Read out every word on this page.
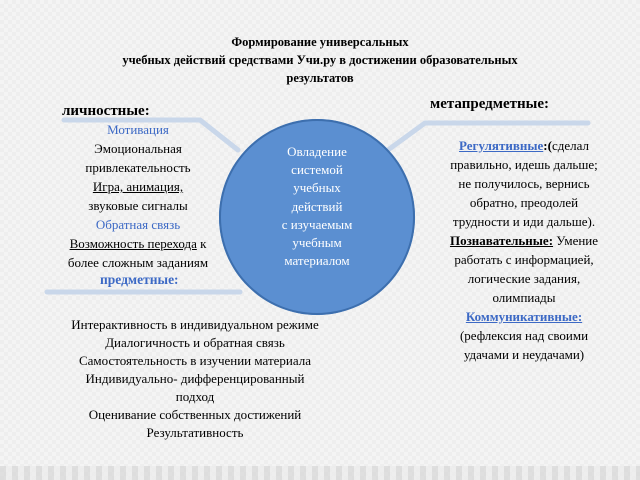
Формирование универсальных
учебных действий средствами Учи.ру в достижении образовательных
результатов
Овладение
системой
учебных
действий
с изучаемым
учебным
материалом
личностные:
Мотивация
Эмоциональная
привлекательность
Игра, анимация,
звуковые сигналы
Обратная связь
Возможность перехода к
более сложным заданиям
метапредметные:
Регулятивные:(сделал
правильно, идешь дальше;
не получилось, вернись
обратно, преодолей
трудности и иди дальше).
Познавательные: Умение
работать с информацией,
логические задания,
олимпиады
Коммуникативные:
(рефлексия над своими
удачами и неудачами)
предметные:
Интерактивность в индивидуальном режиме
Диалогичность и обратная связь
Самостоятельность в изучении материала
Индивидуально- дифференцированный
подход
Оценивание собственных достижений
Результативность
